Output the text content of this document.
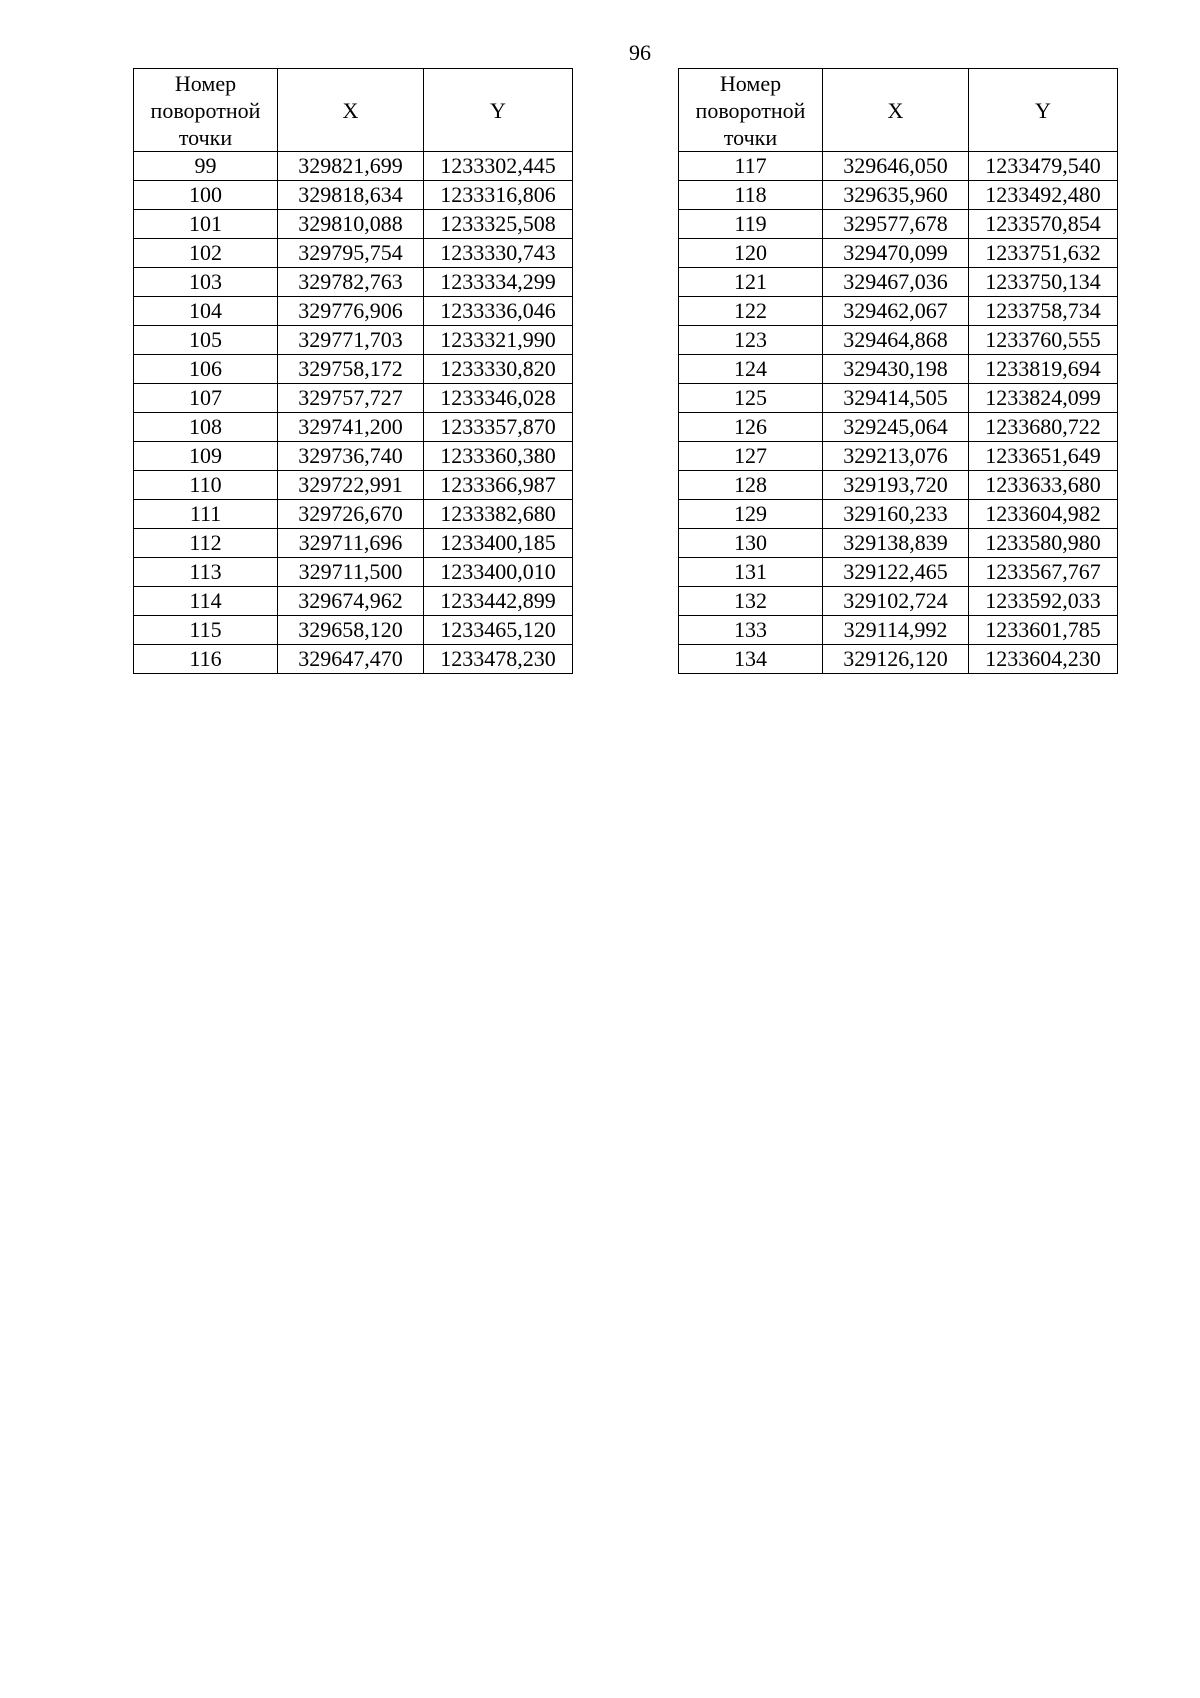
96
Номер
поворотной
точки	X	Y
99	329821,699	1233302,445
100	329818,634	1233316,806
101	329810,088	1233325,508
102	329795,754	1233330,743
103	329782,763	1233334,299
104	329776,906	1233336,046
105	329771,703	1233321,990
106	329758,172	1233330,820
107	329757,727	1233346,028
108	329741,200	1233357,870
109	329736,740	1233360,380
110	329722,991	1233366,987
111	329726,670	1233382,680
112	329711,696	1233400,185
113	329711,500	1233400,010
114	329674,962	1233442,899
115	329658,120	1233465,120
116	329647,470	1233478,230
Номер
поворотной
точки	X	Y
117	329646,050	1233479,540
118	329635,960	1233492,480
119	329577,678	1233570,854
120	329470,099	1233751,632
121	329467,036	1233750,134
122	329462,067	1233758,734
123	329464,868	1233760,555
124	329430,198	1233819,694
125	329414,505	1233824,099
126	329245,064	1233680,722
127	329213,076	1233651,649
128	329193,720	1233633,680
129	329160,233	1233604,982
130	329138,839	1233580,980
131	329122,465	1233567,767
132	329102,724	1233592,033
133	329114,992	1233601,785
134	329126,120	1233604,230
